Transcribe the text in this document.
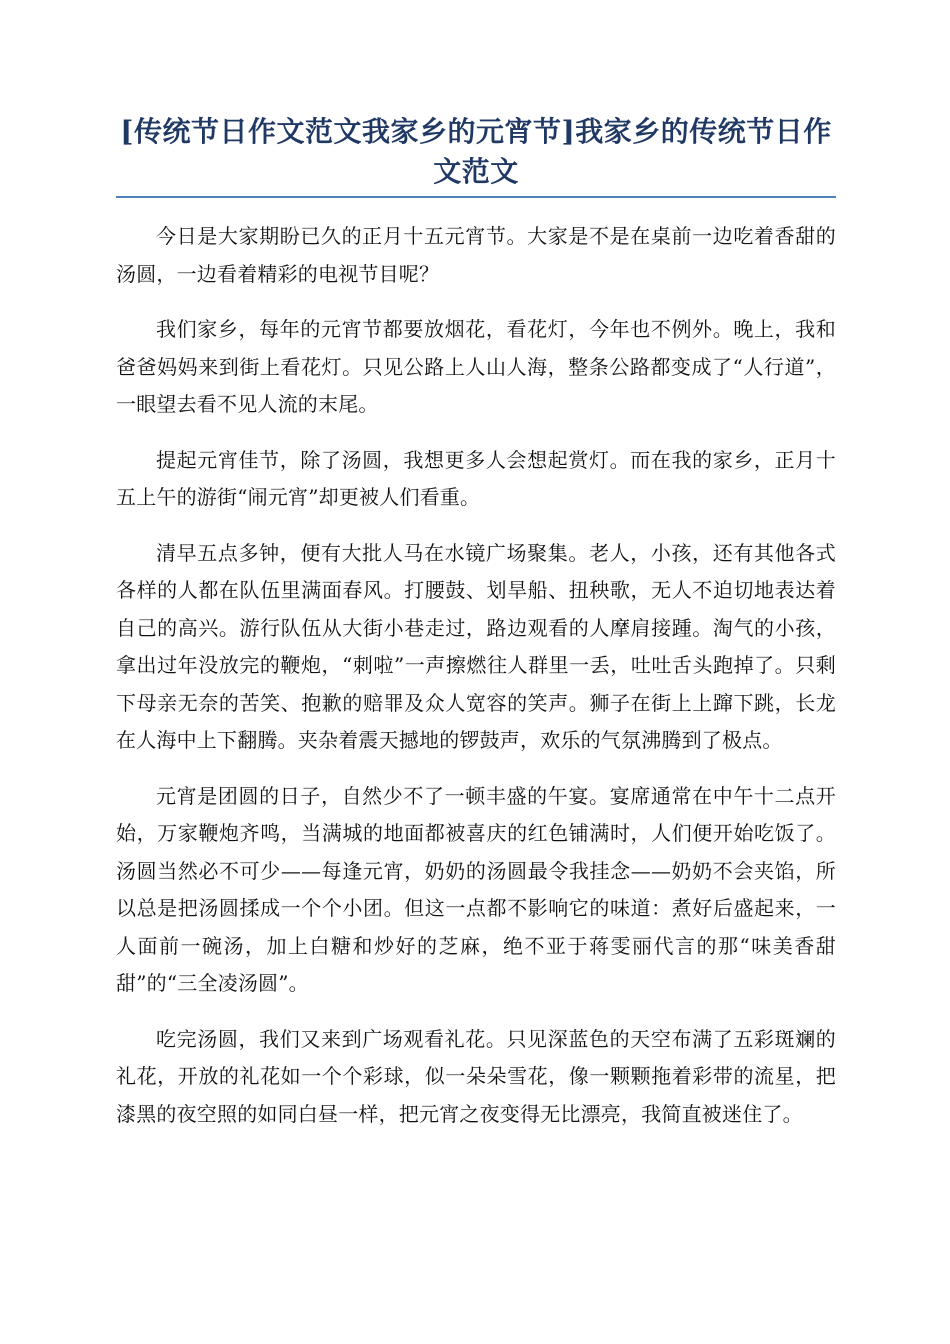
[传统节日作文范文我家乡的元宵节]我家乡的传统节日作文范文

今日是大家期盼已久的正月十五元宵节。大家是不是在桌前一边吃着香甜的汤圆，一边看着精彩的电视节目呢？

我们家乡，每年的元宵节都要放烟花，看花灯，今年也不例外。晚上，我和爸爸妈妈来到街上看花灯。只见公路上人山人海，整条公路都变成了“人行道”，一眼望去看不见人流的末尾。

提起元宵佳节，除了汤圆，我想更多人会想起赏灯。而在我的家乡，正月十五上午的游街“闹元宵”却更被人们看重。

清早五点多钟，便有大批人马在水镜广场聚集。老人，小孩，还有其他各式各样的人都在队伍里满面春风。打腰鼓、划旱船、扭秧歌，无人不迫切地表达着自己的高兴。游行队伍从大街小巷走过，路边观看的人摩肩接踵。淘气的小孩，拿出过年没放完的鞭炮，“刺啦”一声擦燃往人群里一丢，吐吐舌头跑掉了。只剩下母亲无奈的苦笑、抱歉的赔罪及众人宽容的笑声。狮子在街上上蹿下跳，长龙在人海中上下翻腾。夹杂着震天撼地的锣鼓声，欢乐的气氛沸腾到了极点。

元宵是团圆的日子，自然少不了一顿丰盛的午宴。宴席通常在中午十二点开始，万家鞭炮齐鸣，当满城的地面都被喜庆的红色铺满时，人们便开始吃饭了。汤圆当然必不可少——每逢元宵，奶奶的汤圆最令我挂念——奶奶不会夹馅，所以总是把汤圆揉成一个个小团。但这一点都不影响它的味道：煮好后盛起来，一人面前一碗汤，加上白糖和炒好的芝麻，绝不亚于蒋雯丽代言的那“味美香甜甜”的“三全凌汤圆”。

吃完汤圆，我们又来到广场观看礼花。只见深蓝色的天空布满了五彩斑斓的礼花，开放的礼花如一个个彩球，似一朵朵雪花，像一颗颗拖着彩带的流星，把漆黑的夜空照的如同白昼一样，把元宵之夜变得无比漂亮，我简直被迷住了。
